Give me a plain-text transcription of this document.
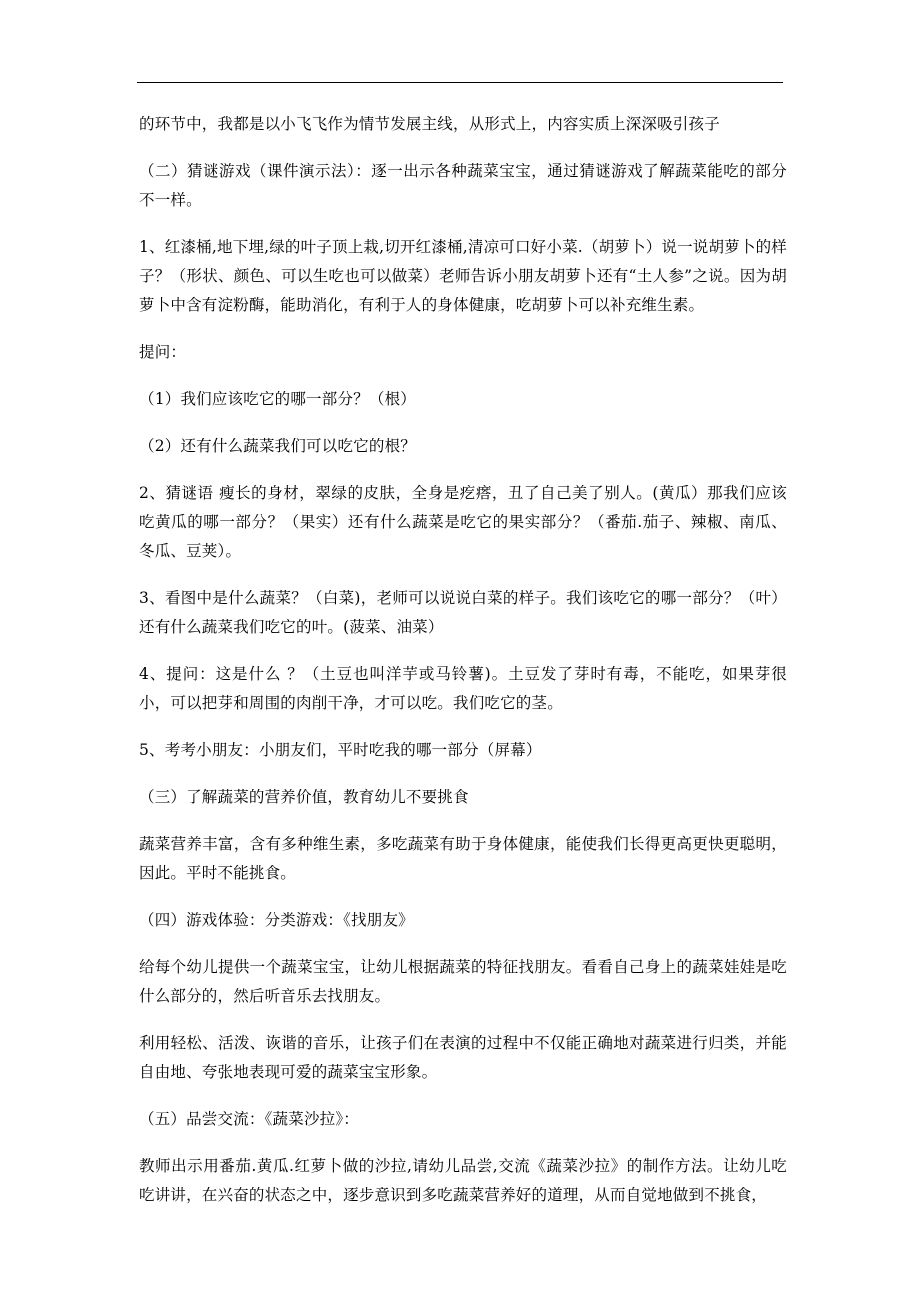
的环节中，我都是以小飞飞作为情节发展主线，从形式上，内容实质上深深吸引孩子

（二）猜谜游戏（课件演示法）：逐一出示各种蔬菜宝宝，通过猜谜游戏了解蔬菜能吃的部分不一样。

1、红漆桶,地下埋,绿的叶子顶上栽,切开红漆桶,清凉可口好小菜.（胡萝卜）说一说胡萝卜的样子？（形状、颜色、可以生吃也可以做菜）老师告诉小朋友胡萝卜还有“土人参”之说。因为胡萝卜中含有淀粉酶，能助消化，有利于人的身体健康，吃胡萝卜可以补充维生素。

提问：

（1）我们应该吃它的哪一部分？（根）

（2）还有什么蔬菜我们可以吃它的根？

2、猜谜语 瘦长的身材，翠绿的皮肤，全身是疙瘩，丑了自己美了别人。(黄瓜）那我们应该吃黄瓜的哪一部分？（果实）还有什么蔬菜是吃它的果实部分？（番茄.茄子、辣椒、南瓜、冬瓜、豆荚）。

3、看图中是什么蔬菜？（白菜)，老师可以说说白菜的样子。我们该吃它的哪一部分？（叶）还有什么蔬菜我们吃它的叶。(菠菜、油菜）

4、提问：这是什么 ？（土豆也叫洋芋或马铃薯)。土豆发了芽时有毒，不能吃，如果芽很小，可以把芽和周围的肉削干净，才可以吃。我们吃它的茎。

5、考考小朋友：小朋友们，平时吃我的哪一部分（屏幕）

（三）了解蔬菜的营养价值，教育幼儿不要挑食

蔬菜营养丰富，含有多种维生素，多吃蔬菜有助于身体健康，能使我们长得更高更快更聪明，因此。平时不能挑食。

（四）游戏体验：分类游戏：《找朋友》

给每个幼儿提供一个蔬菜宝宝，让幼儿根据蔬菜的特征找朋友。看看自己身上的蔬菜娃娃是吃什么部分的，然后听音乐去找朋友。

利用轻松、活泼、诙谐的音乐，让孩子们在表演的过程中不仅能正确地对蔬菜进行归类，并能自由地、夸张地表现可爱的蔬菜宝宝形象。

（五）品尝交流：《蔬菜沙拉》：

教师出示用番茄.黄瓜.红萝卜做的沙拉,请幼儿品尝,交流《蔬菜沙拉》的制作方法。让幼儿吃吃讲讲，在兴奋的状态之中，逐步意识到多吃蔬菜营养好的道理，从而自觉地做到不挑食，
